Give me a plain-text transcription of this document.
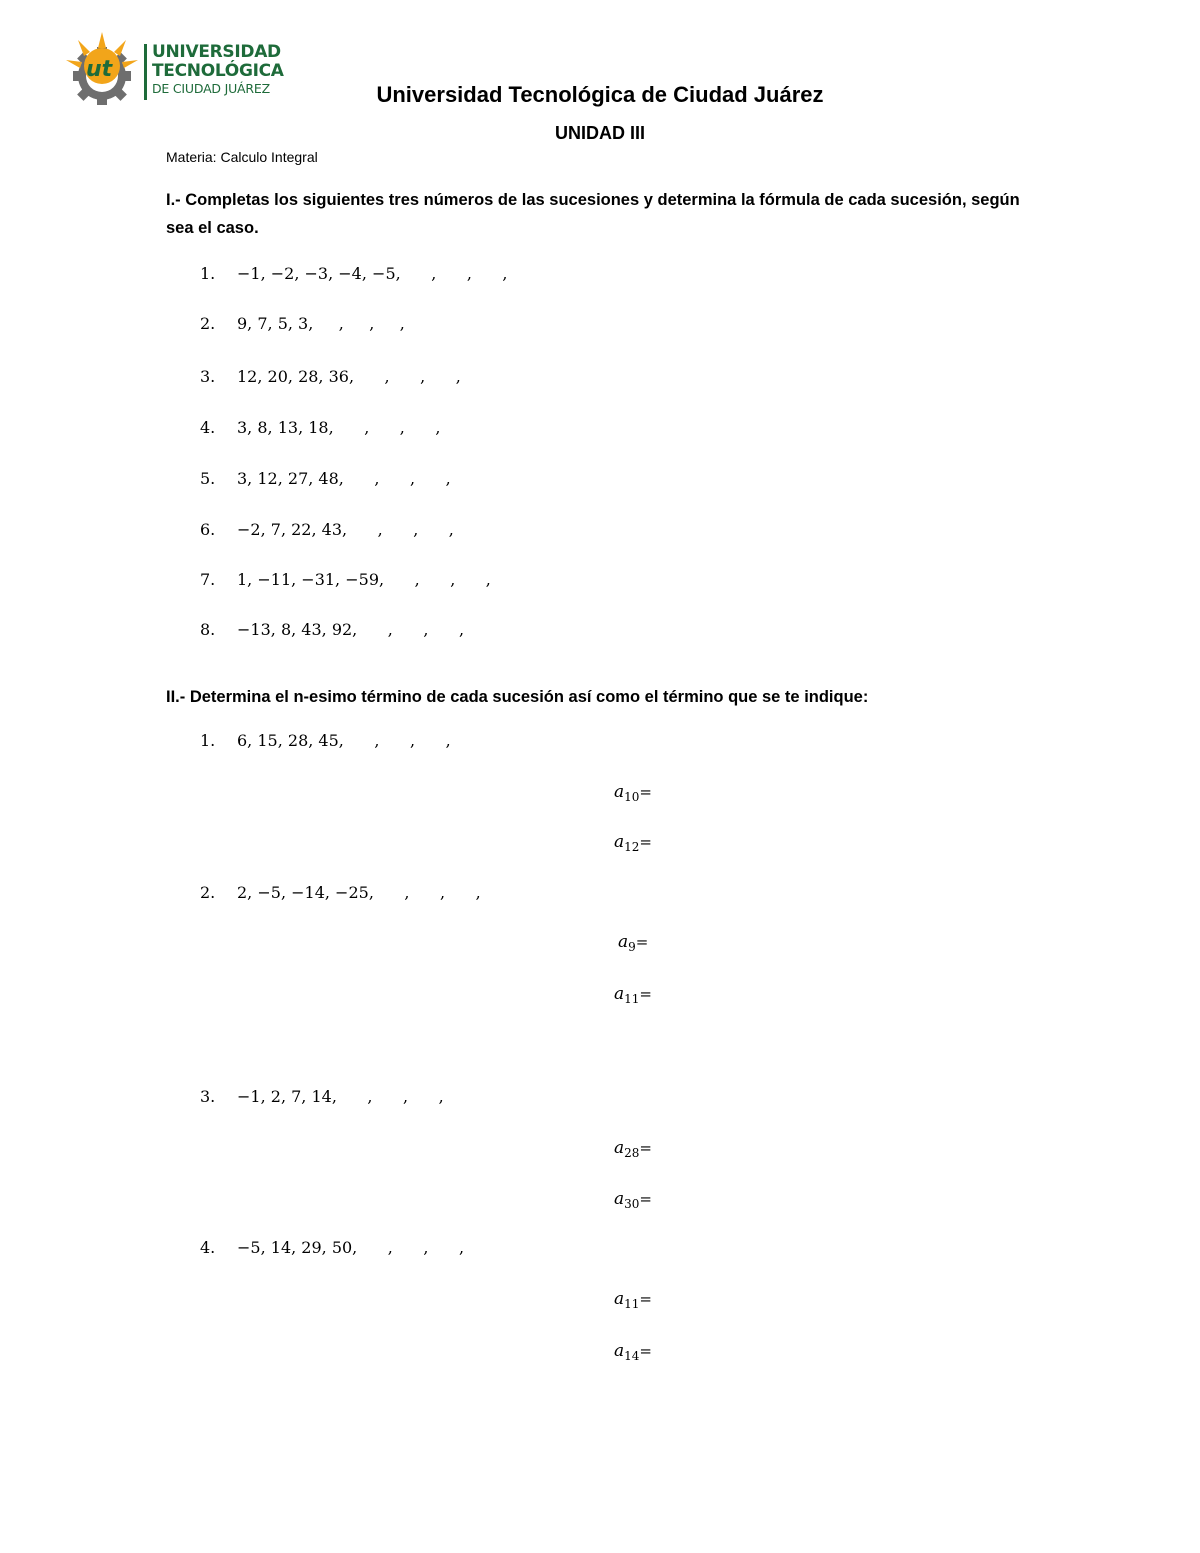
ut
UNIVERSIDAD
TECNOLÓGICA
DE CIUDAD JUÁREZ	Universidad Tecnológica de Ciudad Juárez
UNIDAD III
Materia: Calculo Integral
I.- Completas los siguientes tres números de las sucesiones y determina la fórmula de cada sucesión, según sea el caso.
1.	−1, −2, −3, −4, −5,      ,      ,      ,
2.	9, 7, 5, 3,     ,     ,     ,
3.	12, 20, 28, 36,      ,      ,      ,
4.	3, 8, 13, 18,      ,      ,      ,
5.	3, 12, 27, 48,      ,      ,      ,
6.	−2, 7, 22, 43,      ,      ,      ,
7.	1, −11, −31, −59,      ,      ,      ,
8.	−13, 8, 43, 92,      ,      ,      ,
II.- Determina el n-esimo término de cada sucesión así como el término que se te indique:
1.	6, 15, 28, 45,      ,      ,      ,
$a_{10}=$
$a_{12}=$
2.	2, −5, −14, −25,      ,      ,      ,
$a_9=$
$a_{11}=$
3.	−1, 2, 7, 14,      ,      ,      ,
$a_{28}=$
$a_{30}=$
4.	−5, 14, 29, 50,      ,      ,      ,
$a_{11}=$
$a_{14}=$
